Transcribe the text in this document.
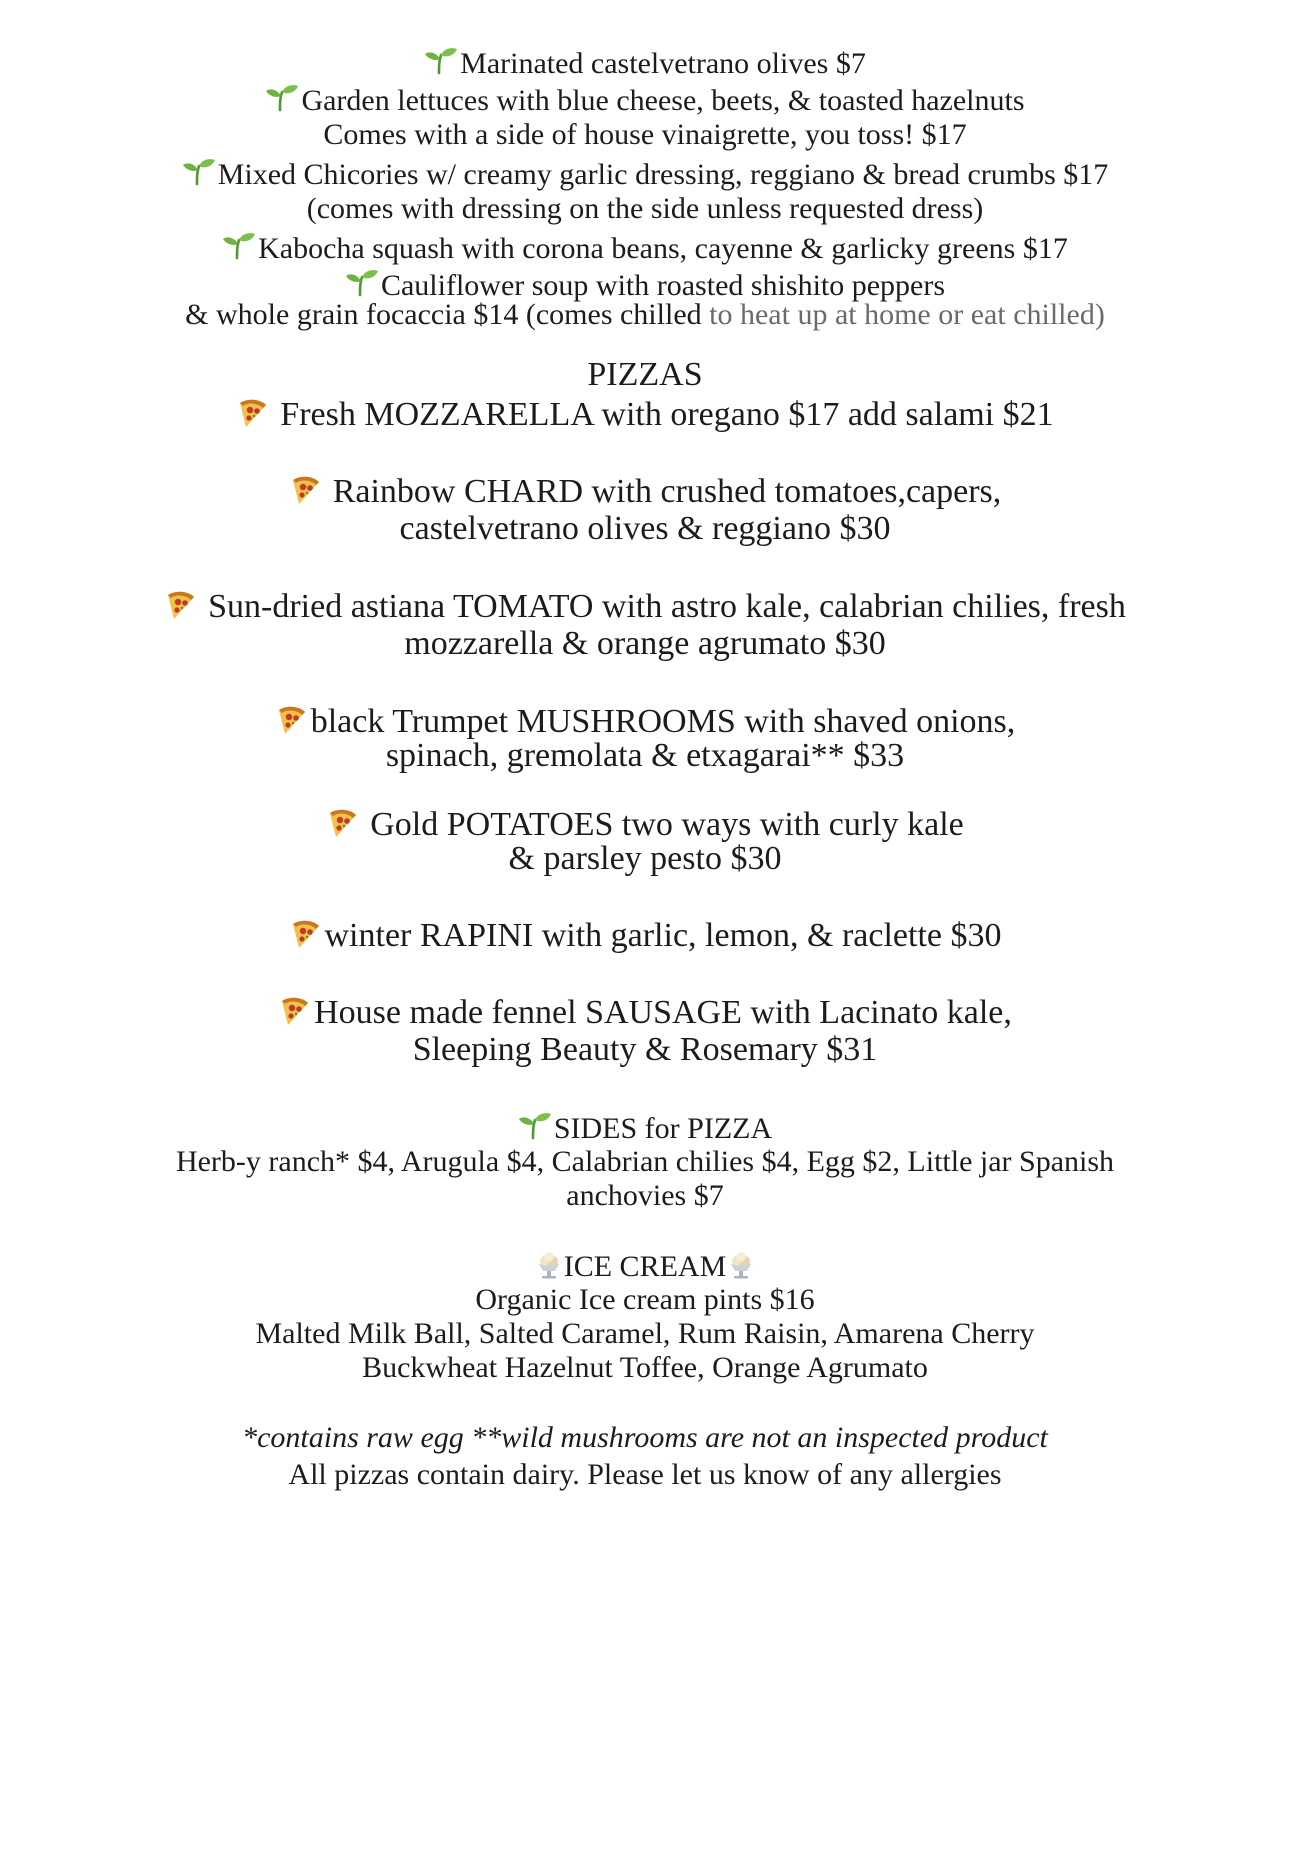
Marinated castelvetrano olives $7
Garden lettuces with blue cheese, beets, & toasted hazelnuts
Comes with a side of house vinaigrette, you toss! $17
Mixed Chicories w/ creamy garlic dressing, reggiano & bread crumbs $17
(comes with dressing on the side unless requested dress)
Kabocha squash with corona beans, cayenne & garlicky greens $17
Cauliflower soup with roasted shishito peppers
& whole grain focaccia $14 (comes chilled to heat up at home or eat chilled)
PIZZAS
Fresh MOZZARELLA with oregano $17 add salami $21
Rainbow CHARD with crushed tomatoes,capers,
castelvetrano olives & reggiano $30
Sun-dried astiana TOMATO with astro kale, calabrian chilies, fresh
mozzarella & orange agrumato $30
black Trumpet MUSHROOMS with shaved onions,
spinach, gremolata & etxagarai** $33
Gold POTATOES two ways with curly kale
& parsley pesto $30
winter RAPINI with garlic, lemon, & raclette $30
House made fennel SAUSAGE with Lacinato kale,
Sleeping Beauty & Rosemary $31
SIDES for PIZZA
Herb-y ranch* $4, Arugula $4, Calabrian chilies $4, Egg $2, Little jar Spanish
anchovies $7
ICE CREAM
Organic Ice cream pints $16
Malted Milk Ball, Salted Caramel, Rum Raisin, Amarena Cherry
Buckwheat Hazelnut Toffee, Orange Agrumato
*contains raw egg **wild mushrooms are not an inspected product
All pizzas contain dairy. Please let us know of any allergies
